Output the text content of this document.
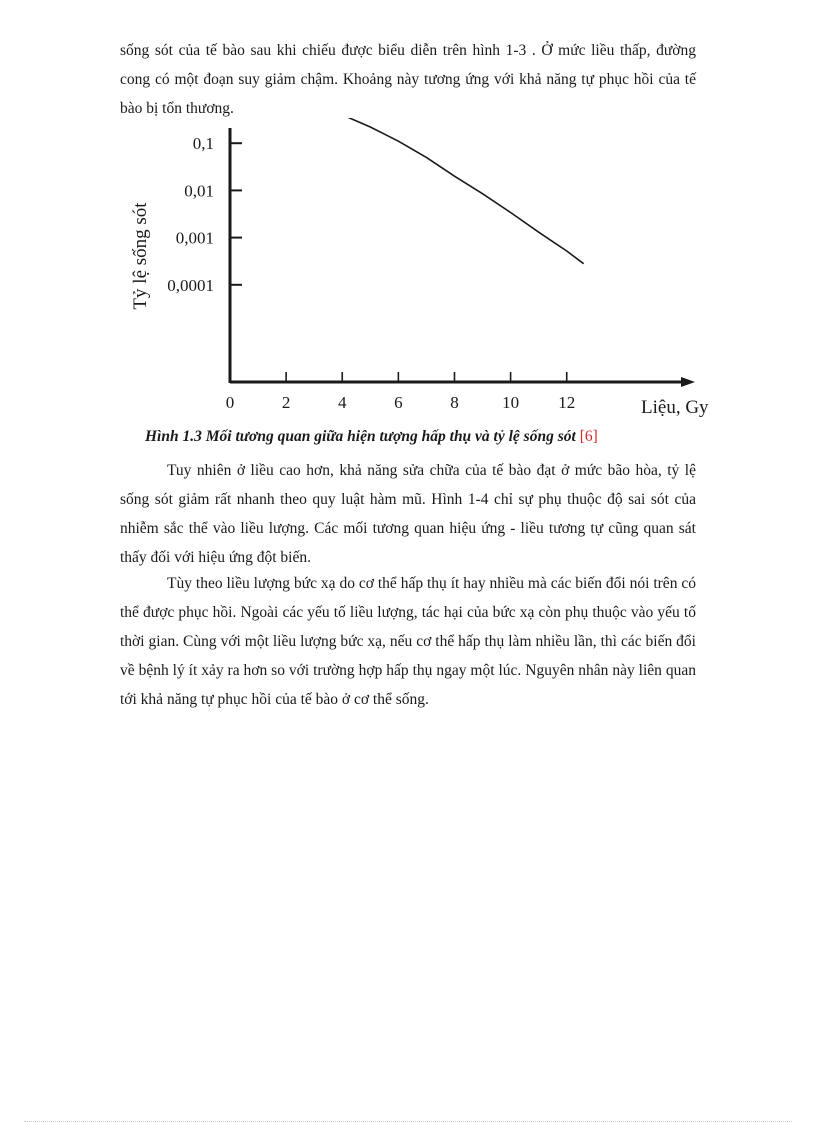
sống sót của tế bào sau khi chiếu được biểu diễn trên hình 1-3 . Ở mức liều thấp, đường cong có một đoạn suy giảm chậm. Khoảng này tương ứng với khả năng tự phục hồi của tế bào bị tổn thương.

0	2	4	6	8	10 12
0,1
0,01
0,001
0,0001
Liệu, Gy
Tỷ lệ sống sót

Hình 1.3 Mối tương quan giữa hiện tượng hấp thụ và tỷ lệ sống sót [6]

Tuy nhiên ở liều cao hơn, khả năng sửa chữa của tế bào đạt ở mức bão hòa, tỷ lệ sống sót giảm rất nhanh theo quy luật hàm mũ. Hình 1-4 chỉ sự phụ thuộc độ sai sót của nhiễm sắc thể vào liều lượng. Các mối tương quan hiệu ứng - liều tương tự cũng quan sát thấy đối với hiệu ứng đột biến.

Tùy theo liều lượng bức xạ do cơ thể hấp thụ ít hay nhiều mà các biến đổi nói trên có thể được phục hồi. Ngoài các yếu tố liều lượng, tác hại của bức xạ còn phụ thuộc vào yếu tố thời gian. Cùng với một liều lượng bức xạ, nếu cơ thể hấp thụ làm nhiều lần, thì các biến đổi về bệnh lý ít xảy ra hơn so với trường hợp hấp thụ ngay một lúc. Nguyên nhân này liên quan tới khả năng tự phục hồi của tế bào ở cơ thể sống.
